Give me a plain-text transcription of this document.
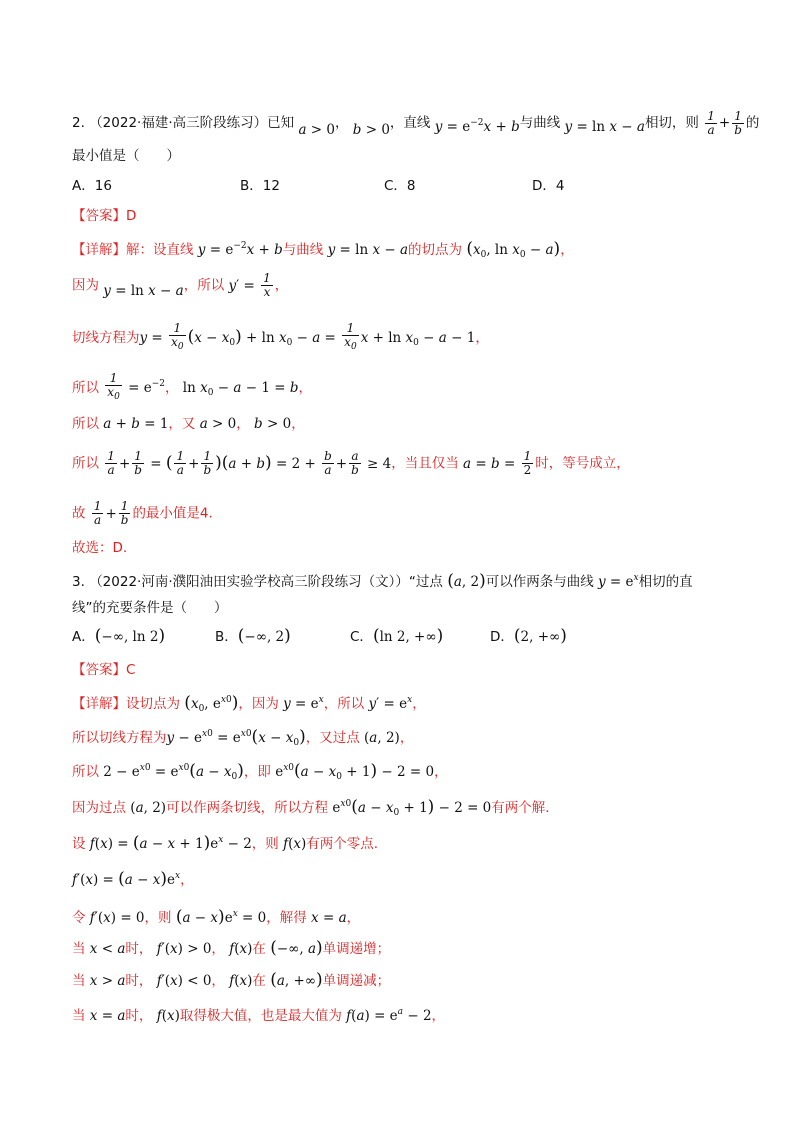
2. （2022·福建·高三阶段练习）已知 a > 0， b > 0，直线 $y = e^{-2}x + b$与曲线 y = ln x − a相切，则 $\frac{1}{a} + \frac{1}{b}$ 的
最小值是（　　）
A．16	B．12	C．8	D．4
【答案】D
【详解】解：设直线 $y = e^{-2}x + b$与曲线 y = ln x − a的切点为 ($x_0$, $\ln x_0 - a$)，
因为 y = ln x − a，所以 $y' = \frac{1}{x}$ ，
切线方程为$y = \frac{1}{x_0} (x - x_0) + \ln x_0 - a = \frac{1}{x_0}$ $x + \ln x_0 - a - 1$，
所以 $\frac{1}{x_0} = e^{-2}$， $\ln x_0 - a - 1 = b$，
所以 a + b = 1，又 a > 0， b > 0，
所以 $\frac{1}{a} + \frac{1}{b}$ = ( $\frac{1}{a} + \frac{1}{b} )(a + b) = 2 + \frac{b}{a} + \frac{a}{b} \ge 4$，当且仅当 $a = b = \frac{1}{2}$ 时，等号成立，
故 $\frac{1}{a} + \frac{1}{b}$ 的最小值是4.
故选：D.
3. （2022·河南·濮阳油田实验学校高三阶段练习（文））“过点 (a, 2)可以作两条与曲线 $y = e^x$相切的直
线”的充要条件是（　　）
A．(−∞, ln 2)	B．(−∞, 2)	C．(ln 2, +∞)	D．(2, +∞)
【答案】C
【详解】设切点为 ($x_0$, $e^{x0}$)，因为 $y = e^x$，所以 $y' = e^x$，
所以切线方程为$y - e^{x0} = e^{x0}(x - x_0)$，又过点 (a, 2)，
所以 $2 - e^{x0} = e^{x0}(a - x_0)$，即 $e^{x0}(a - x_0 + 1) - 2 = 0$，
因为过点 (a, 2)可以作两条切线，所以方程 $e^{x0}(a - x_0 + 1) - 2 = 0$有两个解.
设 $f(x) = (a - x + 1)e^x - 2$，则 f(x)有两个零点.
$f'(x) = (a - x)e^x$，
令 f′(x) = 0，则 $(a - x)e^x = 0$，解得 x = a，
当 x < a时， f′(x) > 0， f(x)在 (−∞, a)单调递增；
当 x > a时， f′(x) < 0， f(x)在 (a, +∞)单调递减；
当 x = a时， f(x)取得极大值，也是最大值为 $f(a) = e^a - 2$，
